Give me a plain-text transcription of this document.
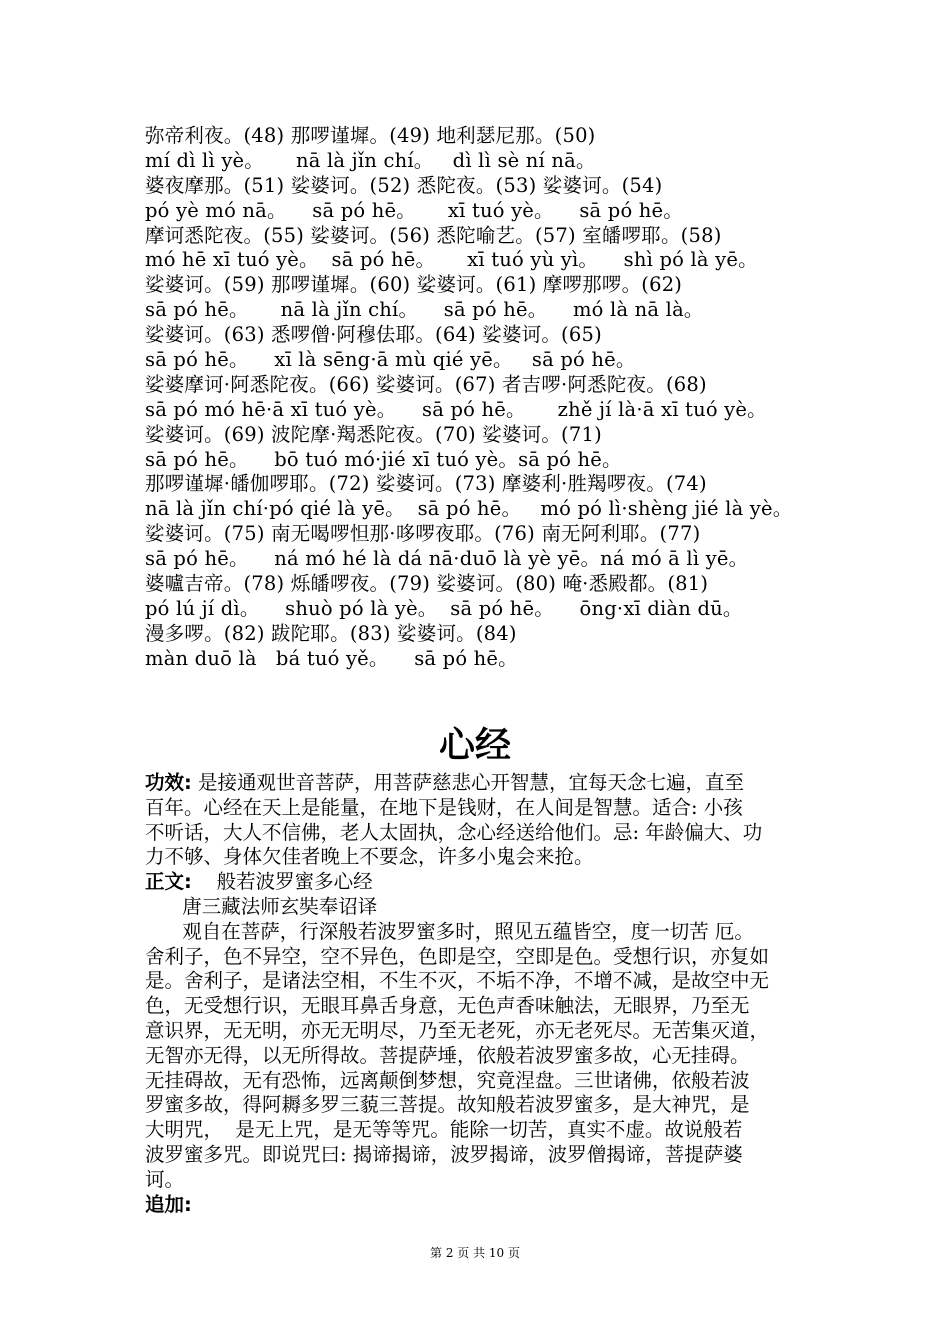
弥帝利夜。(48) 那啰谨墀。(49) 地利瑟尼那。(50)
mí dì lì yè。     nā là jǐn chí。   dì lì sè ní nā。
婆夜摩那。(51) 娑婆诃。(52) 悉陀夜。(53) 娑婆诃。(54)
pó yè mó nā。    sā pó hē。     xī tuó yè。    sā pó hē。
摩诃悉陀夜。(55) 娑婆诃。(56) 悉陀喻艺。(57) 室皤啰耶。(58)
mó hē xī tuó yè。  sā pó hē。     xī tuó yù yì。    shì pó là yē。
娑婆诃。(59) 那啰谨墀。(60) 娑婆诃。(61) 摩啰那啰。(62)
sā pó hē。     nā là jǐn chí。    sā pó hē。    mó là nā là。
娑婆诃。(63) 悉啰僧·阿穆佉耶。(64) 娑婆诃。(65)
sā pó hē。    xī là sēng·ā mù qié yē。   sā pó hē。
娑婆摩诃·阿悉陀夜。(66) 娑婆诃。(67) 者吉啰·阿悉陀夜。(68)
sā pó mó hē·ā xī tuó yè。    sā pó hē。     zhě jí là·ā xī tuó yè。
娑婆诃。(69) 波陀摩·羯悉陀夜。(70) 娑婆诃。(71)
sā pó hē。    bō tuó mó·jié xī tuó yè。sā pó hē。
那啰谨墀·皤伽啰耶。(72) 娑婆诃。(73) 摩婆利·胜羯啰夜。(74)
nā là jǐn chí·pó qié là yē。  sā pó hē。   mó pó lì·shèng jié là yè。
娑婆诃。(75) 南无喝啰怛那·哆啰夜耶。(76) 南无阿利耶。(77)
sā pó hē。    ná mó hé là dá nā·duō là yè yē。ná mó ā lì yē。
婆嚧吉帝。(78) 烁皤啰夜。(79) 娑婆诃。(80) 唵·悉殿都。(81)
pó lú jí dì。    shuò pó là yè。  sā pó hē。    ōng·xī diàn dū。
漫多啰。(82) 跋陀耶。(83) 娑婆诃。(84)
màn duō là   bá tuó yě。    sā pó hē。
心经
功效: 是接通观世音菩萨，用菩萨慈悲心开智慧，宜每天念七遍，直至
百年。心经在天上是能量，在地下是钱财，在人间是智慧。适合: 小孩
不听话，大人不信佛，老人太固执，念心经送给他们。忌: 年龄偏大、功
力不够、身体欠佳者晚上不要念，许多小鬼会来抢。
正文:    般若波罗蜜多心经
唐三藏法师玄奘奉诏译
观自在菩萨，行深般若波罗蜜多时，照见五蕴皆空，度一切苦 厄。
舍利子，色不异空，空不异色，色即是空，空即是色。受想行识，亦复如
是。舍利子，是诸法空相，不生不灭，不垢不净，不增不减，是故空中无
色，无受想行识，无眼耳鼻舌身意，无色声香味触法，无眼界，乃至无
意识界，无无明，亦无无明尽，乃至无老死，亦无老死尽。无苦集灭道，
无智亦无得，以无所得故。菩提萨埵，依般若波罗蜜多故，心无挂碍。
无挂碍故，无有恐怖，远离颠倒梦想，究竟涅盘。三世诸佛，依般若波
罗蜜多故，得阿耨多罗三藐三菩提。故知般若波罗蜜多，是大神咒，是
大明咒，  是无上咒，是无等等咒。能除一切苦，真实不虚。故说般若
波罗蜜多咒。即说咒曰: 揭谛揭谛，波罗揭谛，波罗僧揭谛，菩提萨婆
诃。
追加:
第 2 页 共 10 页
